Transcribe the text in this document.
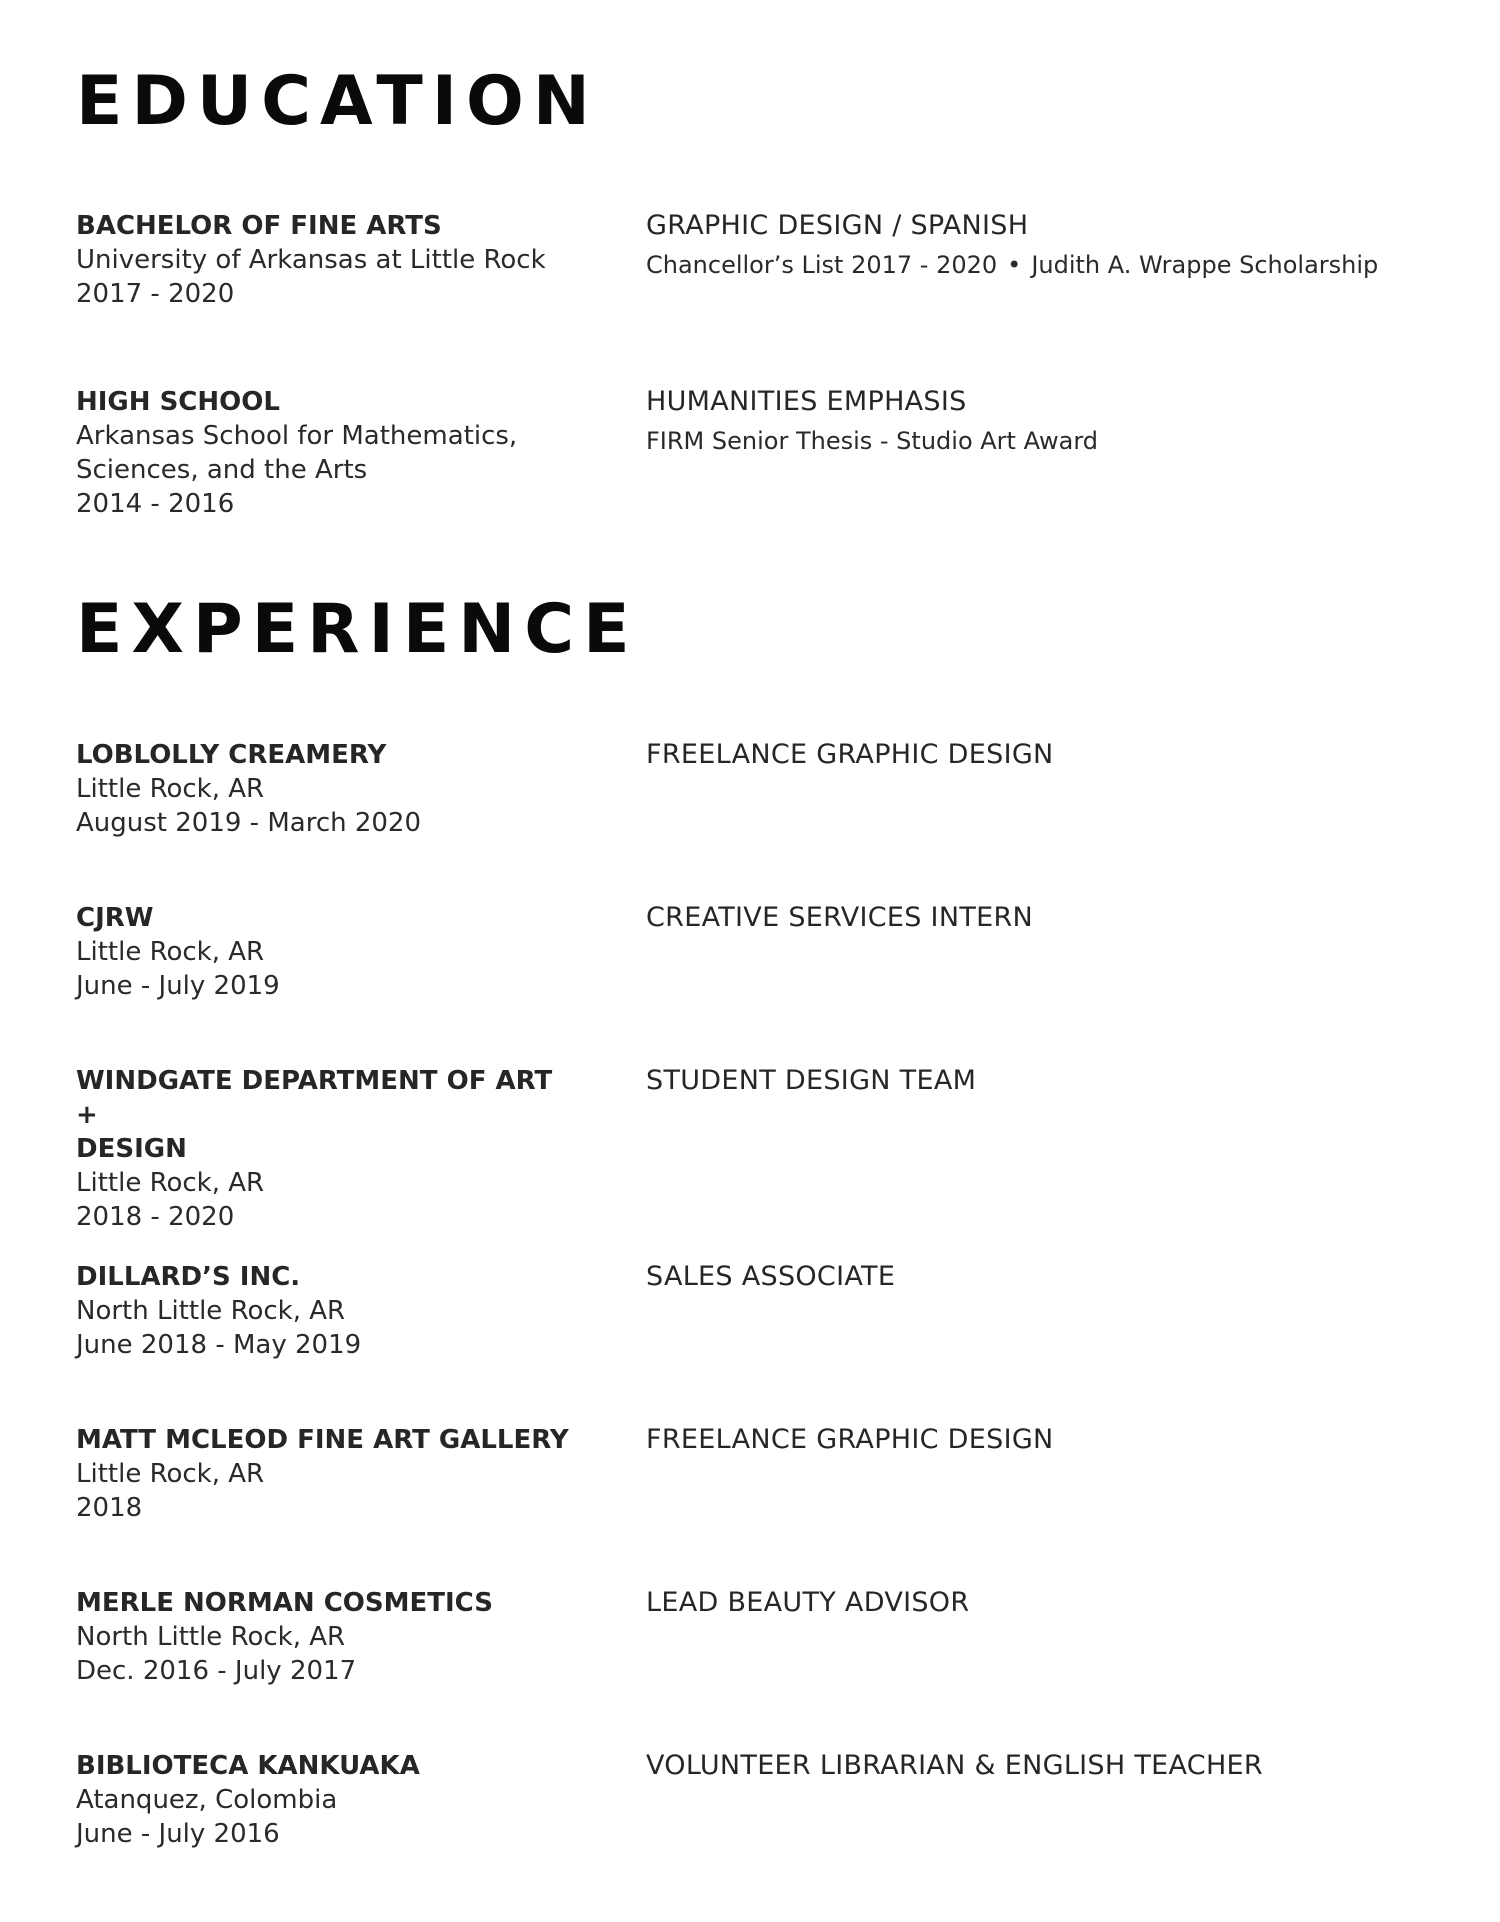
EDUCATION
BACHELOR OF FINE ARTS
University of Arkansas at Little Rock
2017 - 2020
GRAPHIC DESIGN / SPANISH
Chancellor’s List 2017 - 2020 • Judith A. Wrappe Scholarship
HIGH SCHOOL
Arkansas School for Mathematics,
Sciences, and the Arts
2014 - 2016
HUMANITIES EMPHASIS
FIRM Senior Thesis - Studio Art Award
EXPERIENCE
LOBLOLLY CREAMERY
Little Rock, AR
August 2019 - March 2020
FREELANCE GRAPHIC DESIGN
CJRW
Little Rock, AR
June - July 2019
CREATIVE SERVICES INTERN
WINDGATE DEPARTMENT OF ART +
DESIGN
Little Rock, AR
2018 - 2020
STUDENT DESIGN TEAM
DILLARD’S INC.
North Little Rock, AR
June 2018 - May 2019
SALES ASSOCIATE
MATT MCLEOD FINE ART GALLERY
Little Rock, AR
2018
FREELANCE GRAPHIC DESIGN
MERLE NORMAN COSMETICS
North Little Rock, AR
Dec. 2016 - July 2017
LEAD BEAUTY ADVISOR
BIBLIOTECA KANKUAKA
Atanquez, Colombia
June - July 2016
VOLUNTEER LIBRARIAN & ENGLISH TEACHER
